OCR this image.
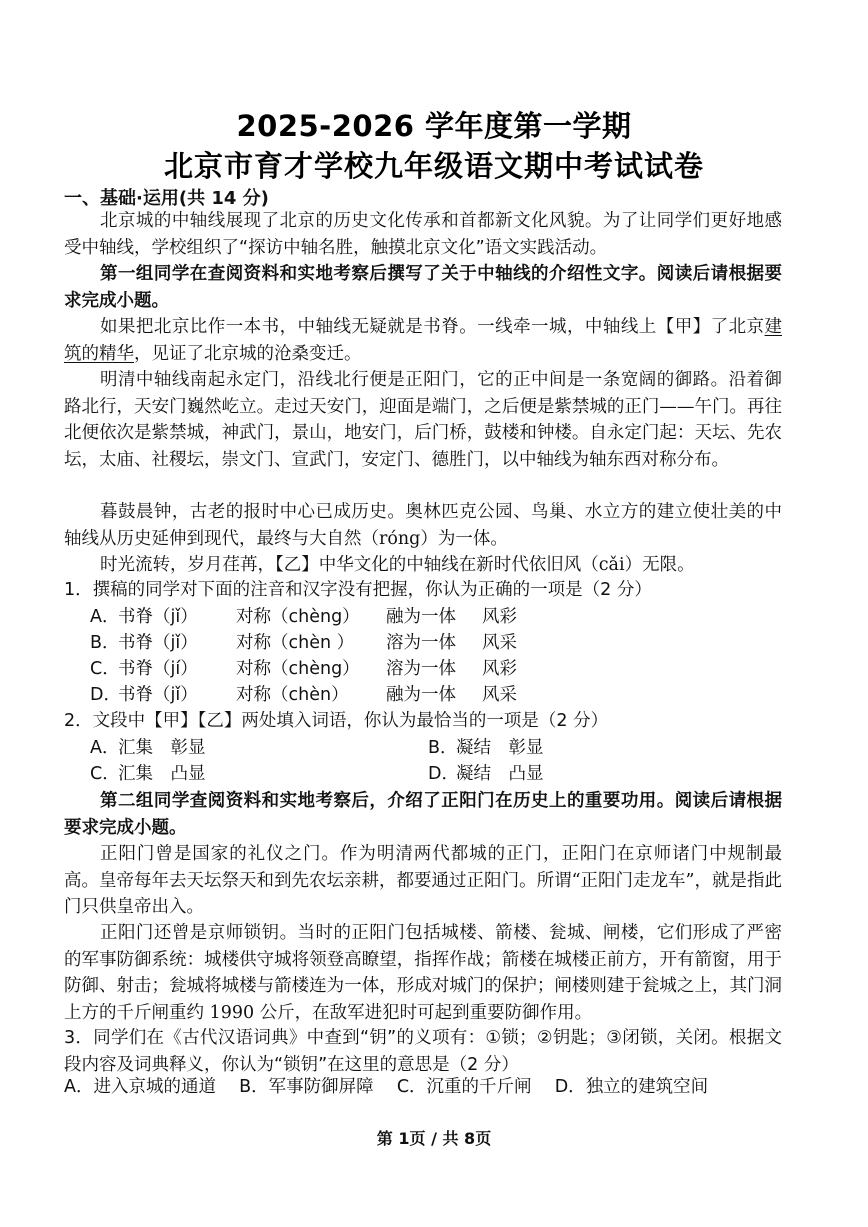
2025-2026 学年度第一学期
北京市育才学校九年级语文期中考试试卷
一、基础·运用(共 14 分)

北京城的中轴线展现了北京的历史文化传承和首都新文化风貌。为了让同学们更好地感受中轴线，学校组织了“探访中轴名胜，触摸北京文化”语文实践活动。

第一组同学在查阅资料和实地考察后撰写了关于中轴线的介绍性文字。阅读后请根据要求完成小题。

如果把北京比作一本书，中轴线无疑就是书脊。一线牵一城，中轴线上【甲】了北京建筑的精华，见证了北京城的沧桑变迁。

明清中轴线南起永定门，沿线北行便是正阳门，它的正中间是一条宽阔的御路。沿着御路北行，天安门巍然屹立。走过天安门，迎面是端门，之后便是紫禁城的正门——午门。再往北便依次是紫禁城，神武门，景山，地安门，后门桥，鼓楼和钟楼。自永定门起：天坛、先农坛，太庙、社稷坛，崇文门、宣武门，安定门、德胜门，以中轴线为轴东西对称分布。

暮鼓晨钟，古老的报时中心已成历史。奥林匹克公园、鸟巢、水立方的建立使壮美的中轴线从历史延伸到现代，最终与大自然（róng）为一体。

时光流转，岁月荏苒，【乙】中华文化的中轴线在新时代依旧风（cǎi）无限。

1．撰稿的同学对下面的注音和汉字没有把握，你认为正确的一项是（2 分）
A．书脊（jǐ） 对称（chèng） 融为一体 风彩
B．书脊（jǐ） 对称（chèn ） 溶为一体 风采
C．书脊（jí） 对称（chèng） 溶为一体 风彩
D．书脊（jǐ） 对称（chèn） 融为一体 风采
2．文段中【甲】【乙】两处填入词语，你认为最恰当的一项是（2 分）
A．汇集　彰显	B．凝结　彰显
C．汇集　凸显	D．凝结　凸显

第二组同学查阅资料和实地考察后，介绍了正阳门在历史上的重要功用。阅读后请根据要求完成小题。

正阳门曾是国家的礼仪之门。作为明清两代都城的正门，正阳门在京师诸门中规制最高。皇帝每年去天坛祭天和到先农坛亲耕，都要通过正阳门。所谓“正阳门走龙车”，就是指此门只供皇帝出入。

正阳门还曾是京师锁钥。当时的正阳门包括城楼、箭楼、瓮城、闸楼，它们形成了严密的军事防御系统：城楼供守城将领登高瞭望，指挥作战；箭楼在城楼正前方，开有箭窗，用于防御、射击；瓮城将城楼与箭楼连为一体，形成对城门的保护；闸楼则建于瓮城之上，其门洞上方的千斤闸重约 1990 公斤，在敌军进犯时可起到重要防御作用。

3．同学们在《古代汉语词典》中查到“钥”的义项有：①锁；②钥匙；③闭锁，关闭。根据文段内容及词典释义，你认为“锁钥”在这里的意思是（2 分）

A．进入京城的通道 B．军事防御屏障 C．沉重的千斤闸 D．独立的建筑空间
第 1页 / 共 8页
